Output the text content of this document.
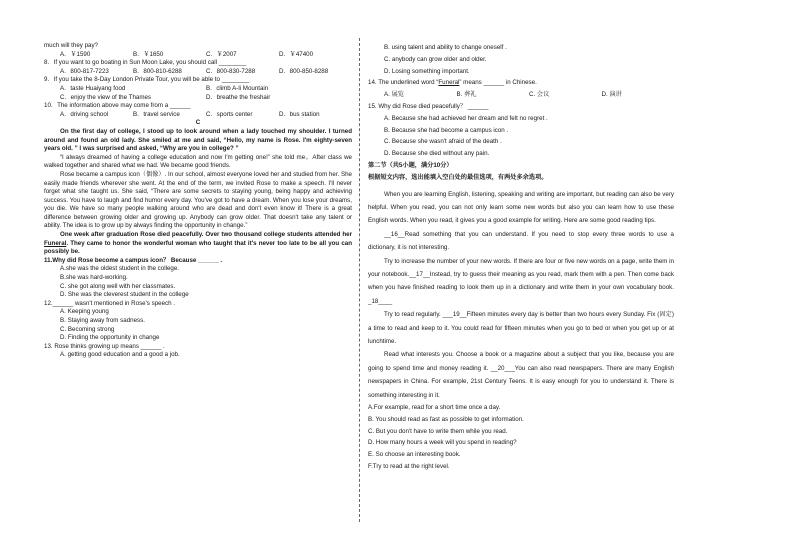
much will they pay?
A．￥1590	B．￥1650	C．￥2007	D．￥47400
8．If you want to go boating in Sun Moon Lake, you should call ________
A．800-817-7223	B．800-810-6288	C．800-830-7288	D．800-850-8288
9．If you take the 8-Day London Private Tour, you will be able to ________
A．taste Huaiyang food	B．climb A-li Mountain
C．enjoy the view of the Thames	D．breathe the freshair
10．The information above may come from a ______
A．driving school	B．travel service	C．sports center	D．bus station
C
On the first day of college, I stood up to look around when a lady touched my shoulder. I turned around and found an old lady. She smiled at me and said, “Hello, my name is Rose. I'm eighty-seven years old. ” I was surprised and asked, “Why are you in college? ”
“I always dreamed of having a college education and now I'm getting one!” she told me。After class we walked together and shared what we had. We became good friends.
Rose became a campus icon（偶像）. In our school, almost everyone loved her and studied from her. She easily made friends wherever she went. At the end of the term, we invited Rose to make a speech. I'll never forget what she taught us. She said, “There are some secrets to staying young, being happy and achieving success. You have to laugh and find humor every day. You've got to have a dream. When you lose your dreams, you die. We have so many people walking around who are dead and don't even know it! There is a great difference between growing older and growing up. Anybody can grow older. That doesn't take any talent or ability. The idea is to grow up by always finding the opportunity in change.”
One week after graduation Rose died peacefully. Over two thousand college students attended her Funeral. They came to honor the wonderful woman who taught that it's never too late to be all you can possibly be.
11.Why did Rose become a campus icon？ Because ______ .
A.she was the oldest student in the college.
B.she was hard-working.
C. she got along well with her classmates.
D. She was the cleverest student in the college
12.______ wasn't mentioned in Rose's speech .
A. Keeping young
B. Staying away from sadness.
C. Becoming strong
D. Finding the opportunity in change
13. Rose thinks growing up means ______ .
A. getting good education and a good a job.
B. using talent and ability to change oneself .
C. anybody can grow older and older.
D. Losing something important.
14. The underlined word “Funeral” means ______ in Chinese.
A. 展览	B. 葬礼	C. 会议	D. 演讲
15. Why did Rose died peacefully？ ______
A. Because she had achieved her dream and felt no regret .
B. Because she had become a campus icon .
C. Because she wasn't afraid of the death .
D. Because she died without any pain.
第二节（共5小题，满分10分）
根据短文内容，选出能填入空白处的最佳选项，有两处多余选项。

When you are learning English, listening, speaking and writing are important, but reading can also be very helpful. When you read, you can not only learn some new words but also you can learn how to use these English words. When you read, it gives you a good example for writing. Here are some good reading tips.

__16__Read something that you can understand. If you need to stop every three words to use a dictionary, it is not interesting.

Try to increase the number of your new words. If there are four or five new words on a page, write them in your notebook.__17__Instead, try to guess their meaning as you read, mark them with a pen. Then come back when you have finished reading to look them up in a dictionary and write them in your own vocabulary book. _18____

Try to read regularly. ___19__Fifteen minutes every day is better than two hours every Sunday. Fix (固定) a time to read and keep to it. You could read for fifteen minutes when you go to bed or when you get up or at lunchtime.

Read what interests you. Choose a book or a magazine about a subject that you like, because you are going to spend time and money reading it. __20___You can also read newspapers. There are many English newspapers in China. For example, 21st Century Teens. It is easy enough for you to understand it. There is something interesting in it.

A.For example, read for a short time once a day.
B. You should read as fast as possible to get information.
C. But you don't have to write them while you read.
D. How many hours a week will you spend in reading?
E. So choose an interesting book.
F.Try to read at the right level.
